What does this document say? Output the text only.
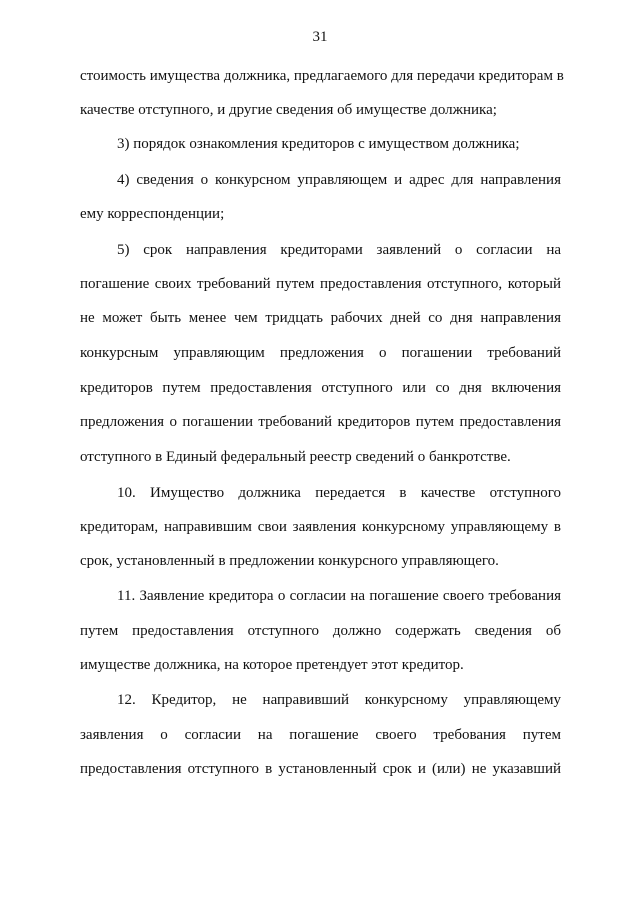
31
стоимость имущества должника, предлагаемого для передачи кредиторам в
качестве отступного, и другие сведения об имуществе должника;
3) порядок ознакомления кредиторов с имуществом должника;
4) сведения о конкурсном управляющем и адрес для направления
ему корреспонденции;
5) срок направления кредиторами заявлений о согласии на
погашение своих требований путем предоставления отступного, который
не может быть менее чем тридцать рабочих дней со дня направления
конкурсным управляющим предложения о погашении требований
кредиторов путем предоставления отступного или со дня включения
предложения о погашении требований кредиторов путем предоставления
отступного в Единый федеральный реестр сведений о банкротстве.
10. Имущество должника передается в качестве отступного
кредиторам, направившим свои заявления конкурсному управляющему в
срок, установленный в предложении конкурсного управляющего.
11. Заявление кредитора о согласии на погашение своего требования
путем предоставления отступного должно содержать сведения об
имуществе должника, на которое претендует этот кредитор.
12. Кредитор, не направивший конкурсному управляющему
заявления о согласии на погашение своего требования путем
предоставления отступного в установленный срок и (или) не указавший
